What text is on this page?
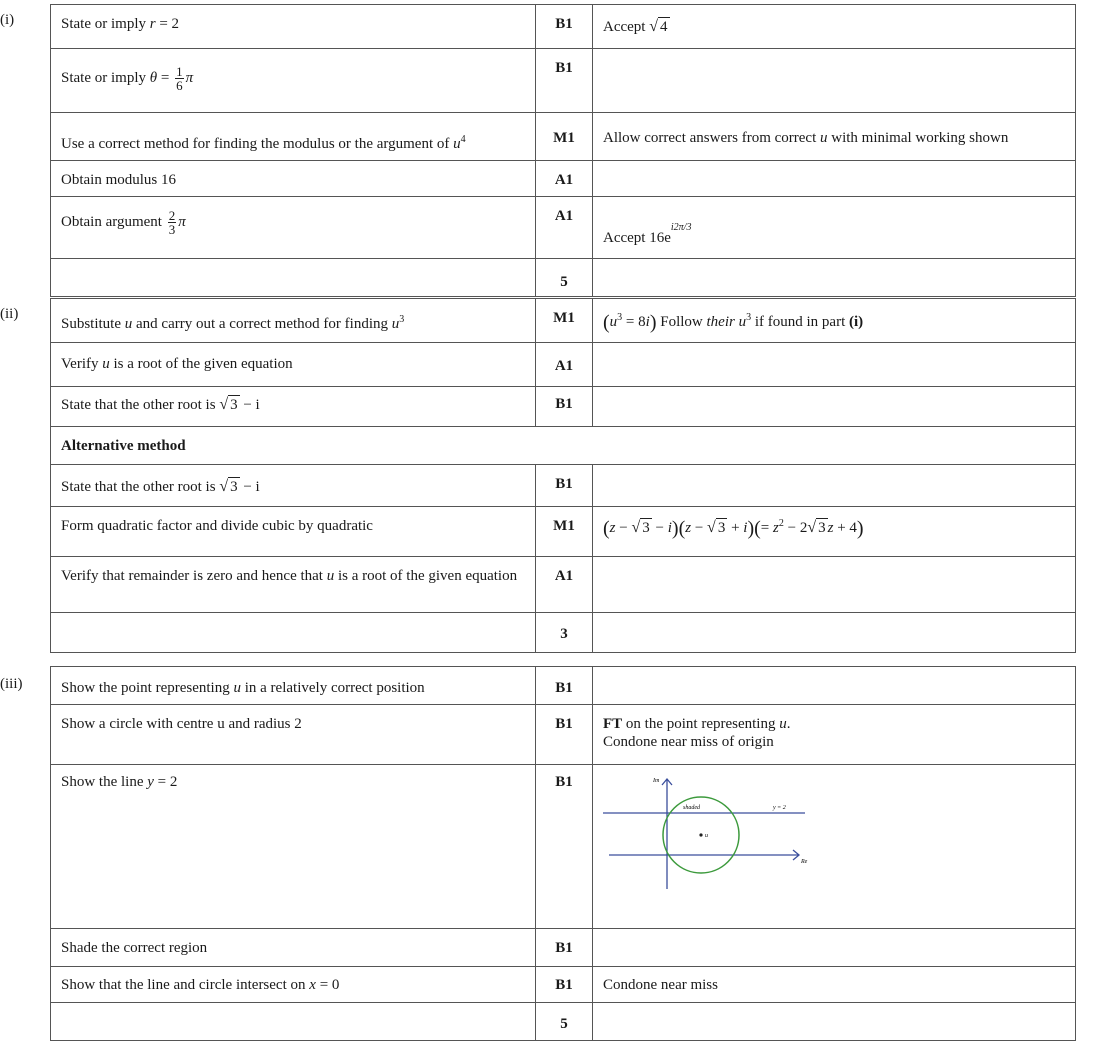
(i)	State or imply r = 2	B1	Accept √ 4

State or imply $\theta = \frac{1}{6}$ π	B1	

Use a correct method for finding the modulus or the argument of $u^4$	M1	Allow correct answers from correct u with minimal working shown

Obtain modulus 16	A1	

Obtain argument $\frac{2}{3}$ π	A1	Accept $16e^{i2\pi/3}$

	5	

(ii)
Substitute u and carry out a correct method for finding $u^3$	M1	$(u^3 = 8i)$ Follow their $u^3$ if found in part (i)

Verify u is a root of the given equation	A1	

State that the other root is √ 3 − i	B1	

Alternative method		

State that the other root is √ 3 − i	B1	

Form quadratic factor and divide cubic by quadratic	M1	(z − √ 3 − i)(z − √ $3 + i)(= z^2 - 2√$ 3 z + 4)

Verify that remainder is zero and hence that u is a root of the given equation	A1	

	3	

(iii)	Show the point representing u in a relatively correct position	B1	

Show a circle with centre u and radius 2	B1	FT on the point representing u.
Condone near miss of origin

Show the line y = 2	B1	u
Im
Re
shaded y = 2

Shade the correct region	B1	

Show that the line and circle intersect on x = 0	B1	Condone near miss

	5	
